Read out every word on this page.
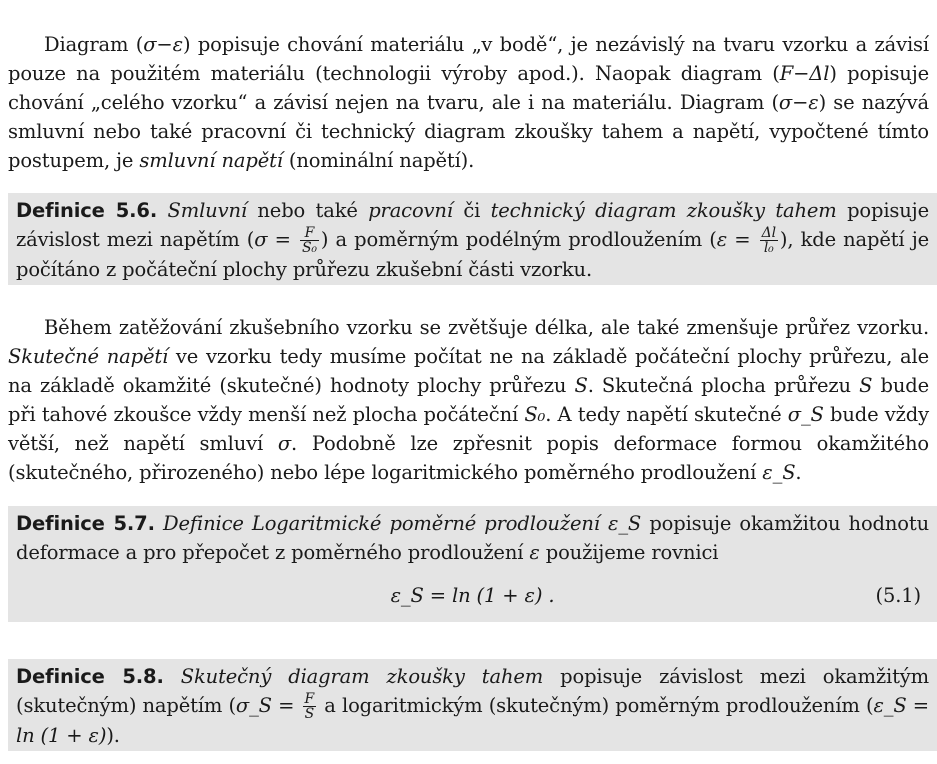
Diagram (σ−ε) popisuje chování materiálu „v bodě“, je nezávislý na tvaru vzorku a závisí pouze na použitém materiálu (technologii výroby apod.). Naopak diagram (F−Δl) popisuje chování „celého vzorku“ a závisí nejen na tvaru, ale i na materiálu. Diagram (σ−ε) se nazývá smluvní nebo také pracovní či technický diagram zkoušky tahem a napětí, vypočtené tímto postupem, je smluvní napětí (nominální napětí).

Definice 5.6. Smluvní nebo také pracovní či technický diagram zkoušky tahem popisuje závislost mezi napětím ($\sigma = \frac{F}{\text{S₀}}$ ) a poměrným podélným prodloužením ($\varepsilon = \frac{\Delta l}{\text{l₀}}$ ), kde napětí je počítáno z počáteční plochy průřezu zkušební části vzorku.

Během zatěžování zkušebního vzorku se zvětšuje délka, ale také zmenšuje průřez vzorku. Skutečné napětí ve vzorku tedy musíme počítat ne na základě počáteční plochy průřezu, ale na základě okamžité (skutečné) hodnoty plochy průřezu S. Skutečná plocha průřezu S bude při tahové zkoušce vždy menší než plocha počáteční S₀. A tedy napětí skutečné σ_S bude vždy větší, než napětí smluví σ. Podobně lze zpřesnit popis deformace formou okamžitého (skutečného, přirozeného) nebo lépe logaritmického poměrného prodloužení ε_S.

Definice 5.7. Definice Logaritmické poměrné prodloužení ε_S popisuje okamžitou hodnotu deformace a pro přepočet z poměrného prodloužení ε použijeme rovnici

ε_S = ln (1 + ε) .	(5.1)

Definice 5.8. Skutečný diagram zkoušky tahem popisuje závislost mezi okamžitým (skutečným) napětím (σ_S = $\frac{F}{S}$ a logaritmickým (skutečným) poměrným prodloužením (ε_S = ln (1 + ε)).
